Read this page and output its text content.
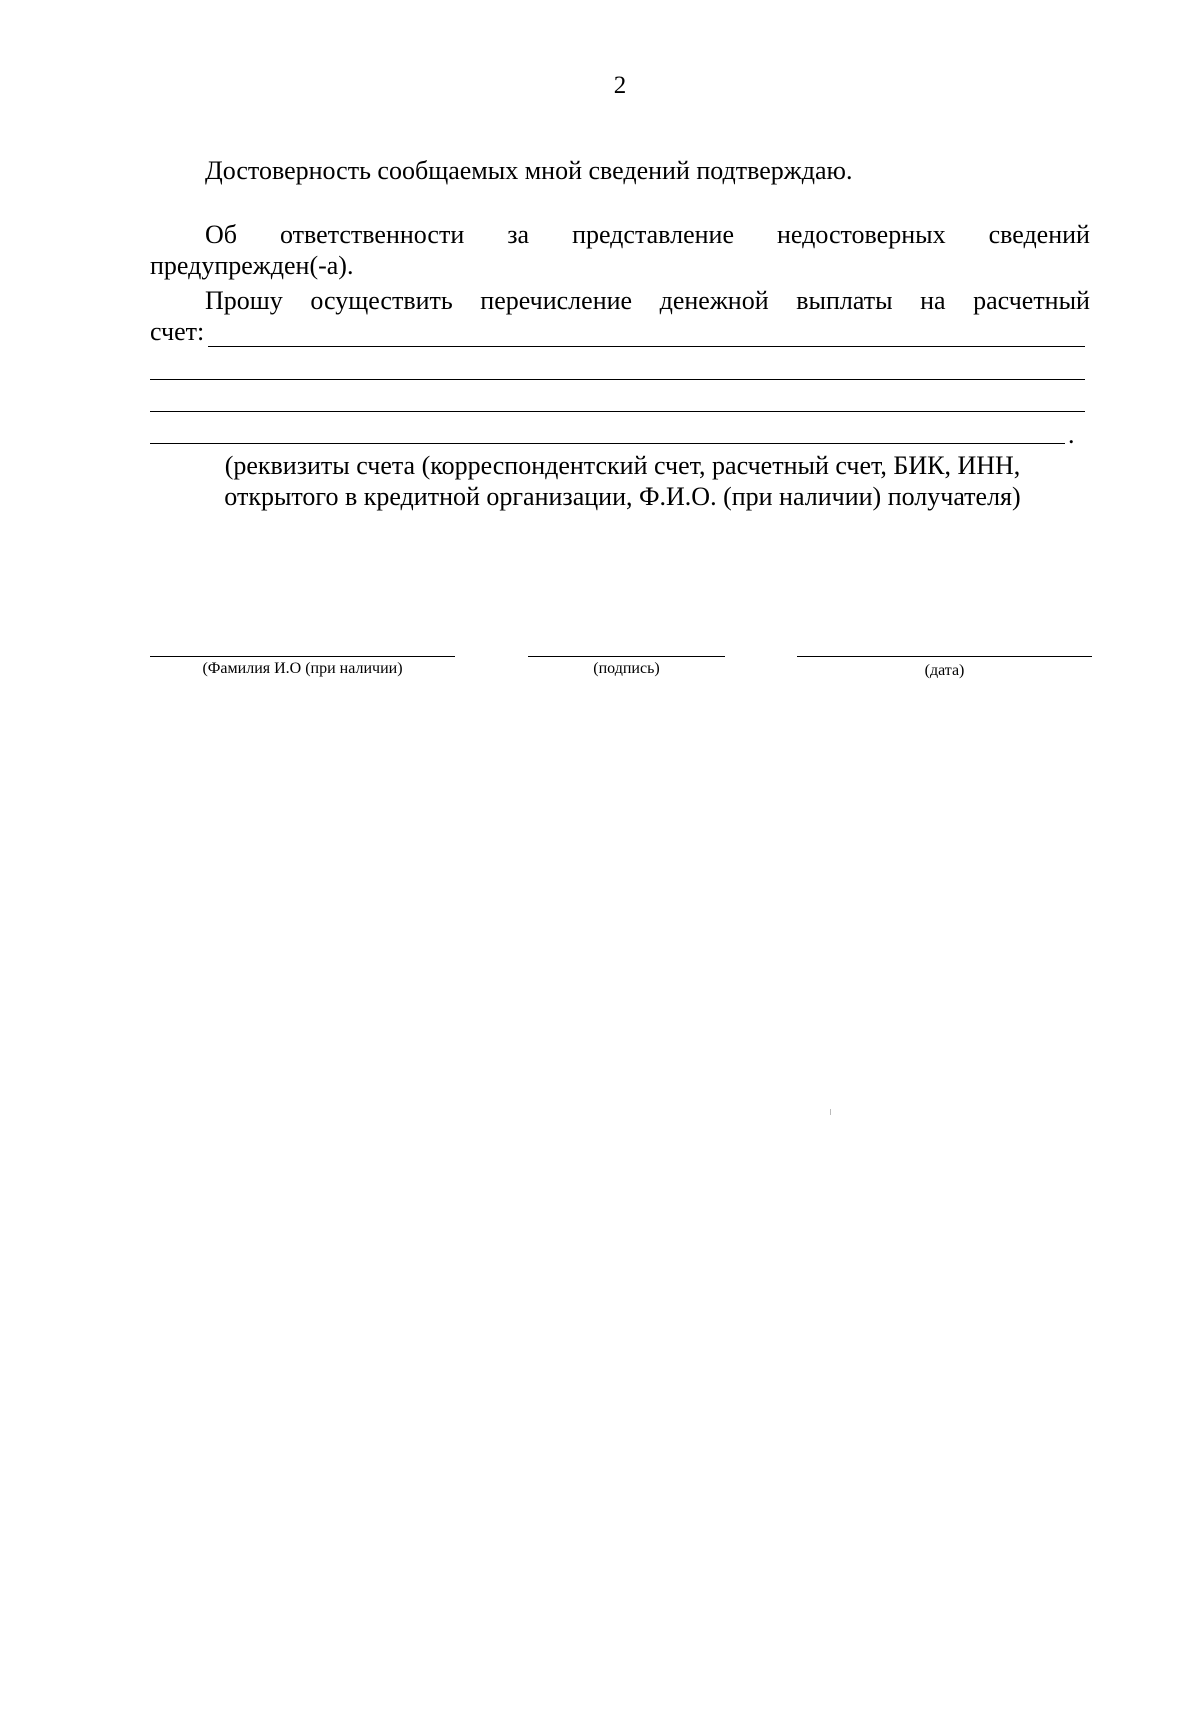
2
Достоверность сообщаемых мной сведений подтверждаю.
Об ответственности за представление недостоверных сведений
предупрежден(-а).
Прошу осуществить перечисление денежной выплаты на расчетный
счет:
.
(реквизиты счета (корреспондентский счет, расчетный счет, БИК, ИНН,
открытого в кредитной организации, Ф.И.О. (при наличии) получателя)
(Фамилия И.О (при наличии)	(подпись)	(дата)
